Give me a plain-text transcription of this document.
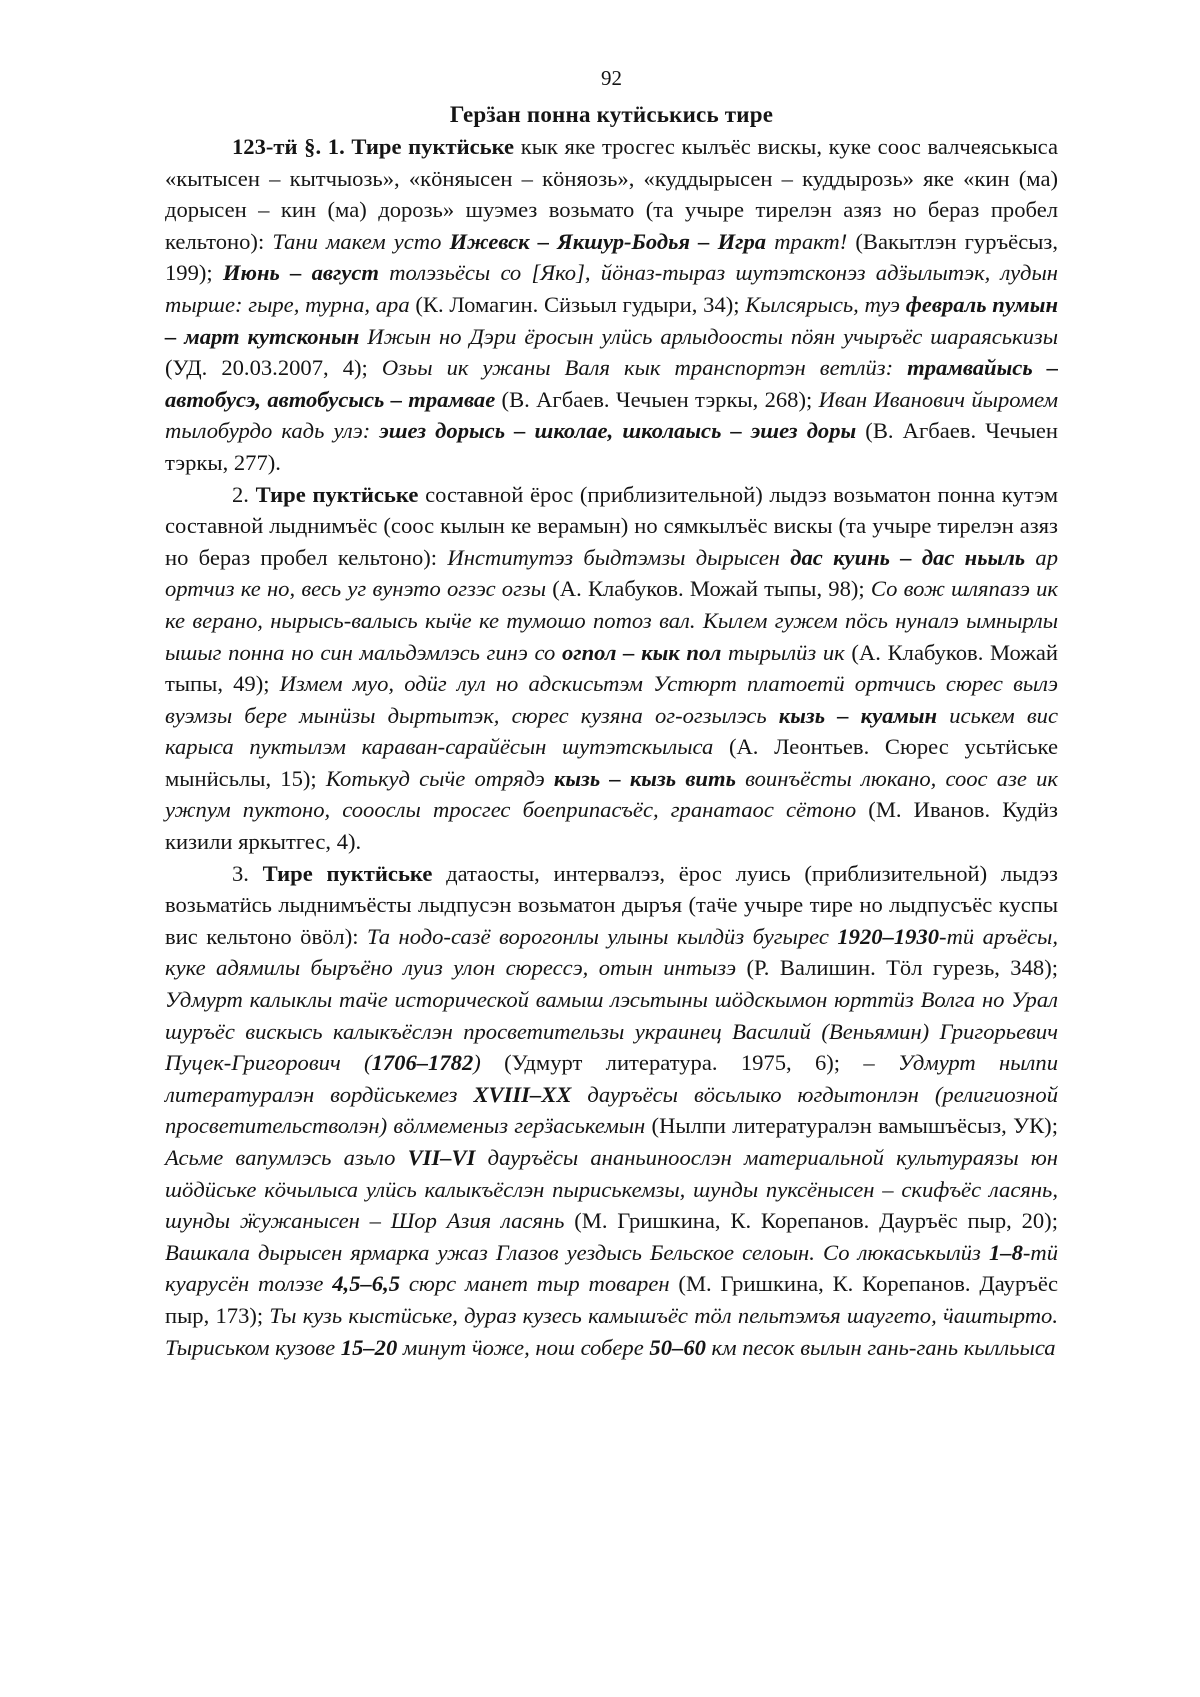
92
Герӟан понна кутӥськись тире

123-тӥ §. 1. Тире пуктӥське кык яке тросгес кылъёс вискы, куке соос валчеяськыса «кытысен – кытчыозь», «кӧняысен – кӧняозь», «куддырысен – куддырозь» яке «кин (ма) дорысен – кин (ма) дорозь» шуэмез возьмато (та учыре тирелэн азяз но бераз пробел кельтоно): Тани макем усто Ижевск – Якшур-Бодья – Игра тракт! (Вакытлэн гуръёсыз, 199); Июнь – август толэзьёсы со [Яко], йӧназ-тыраз шутэтсконэз адӟылытэк, лудын тырше: гыре, турна, ара (К. Ломагин. Сӥзьыл гудыри, 34); Кылсярысь, туэ февраль пумын – март кутсконын Ижын но Дэри ёросын улӥсь арлыдоосты пӧян учыръёс шараяськизы (УД. 20.03.2007, 4); Озьы ик ужаны Валя кык транспортэн ветлӥз: трамвайысь – автобусэ, автобусысь – трамвае (В. Агбаев. Чечыен тэркы, 268); Иван Иванович йыромем тылобурдо кадь улэ: эшез дорысь – школае, школаысь – эшез доры (В. Агбаев. Чечыен тэркы, 277).

2. Тире пуктӥське составной ёрос (приблизительной) лыдэз возьматон понна кутэм составной лыднимъёс (соос кылын ке верамын) но сямкылъёс вискы (та учыре тирелэн азяз но бераз пробел кельтоно): Институтэз быдтэмзы дырысен дас куинь – дас ньыль ар ортчиз ке но, весь уг вунэто огзэс огзы (А. Клабуков. Можай тыпы, 98); Со вож шляпазэ ик ке верано, нырысь-валысь кыӵе ке тумошо потоз вал. Кылем гужем пӧсь нуналэ ымнырлы ышыг понна но син мальдэмлэсь гинэ со огпол – кык пол тырылӥз ик (А. Клабуков. Можай тыпы, 49); Измем муо, одӥг лул но адскисьтэм Устюрт платоетӥ ортчись сюрес вылэ вуэмзы бере мынӥзы дыртытэк, сюрес кузяна ог-огзылэсь кызь – куамын иськем вис карыса пуктылэм караван-сарайёсын шутэтскылыса (А. Леонтьев. Сюрес усьтӥське мынӥсьлы, 15); Котькуд сыӵе отрядэ кызь – кызь вить воинъёсты люкано, соос азе ик ужпум пуктоно, сооослы тросгес боеприпасъёс, гранатаос сётоно (М. Иванов. Кудӥз кизили яркытгес, 4).

3. Тире пуктӥське датаосты, интервалэз, ёрос луись (приблизительной) лыдэз возьматӥсь лыднимъёсты лыдпусэн возьматон дыръя (таӵе учыре тире но лыдпусъёс куспы вис кельтоно ӧвӧл): Та нодо-сазё ворогонлы улыны кылдӥз бугырес 1920–1930-тӥ аръёсы, куке адямилы быръёно луиз улон сюрессэ, отын интызэ (Р. Валишин. Тӧл гурезь, 348); Удмурт калыклы таӵе исторической вамыш лэсьтыны шӧдскымон юрттӥз Волга но Урал шуръёс вискысь калыкъёслэн просветительзы украинец Василий (Веньямин) Григорьевич Пуцек-Григорович (1706–1782) (Удмурт литература. 1975, 6); – Удмурт нылпи литературалэн вордӥськемез XVIII–XX дауръёсы вӧсьлыко югдытонлэн (религиозной просветительстволэн) вӧлмеменыз герӟаськемын (Нылпи литературалэн вамышъёсыз, УК); Асьме вапумлэсь азьло VII–VI дауръёсы ананьиноослэн материальной культураязы юн шӧдӥське кӧчылыса улӥсь калыкъёслэн пыриськемзы, шунды пуксёнысен – скифъёс ласянь, шунды ӝужанысен – Шор Азия ласянь (М. Гришкина, К. Корепанов. Дауръёс пыр, 20); Вашкала дырысен ярмарка ужаз Глазов уездысь Бельское селоын. Со люкаськылӥз 1–8-тӥ куарусён толэзе 4,5–6,5 сюрс манет тыр товарен (М. Гришкина, К. Корепанов. Дауръёс пыр, 173); Ты кузь кыстӥське, дураз кузесь камышъёс тӧл пельтэмъя шаугето, ӵаштырто. Тыриськом кузове 15–20 минут ӵоже, нош собере 50–60 км песок вылын гань-гань кылльыса
